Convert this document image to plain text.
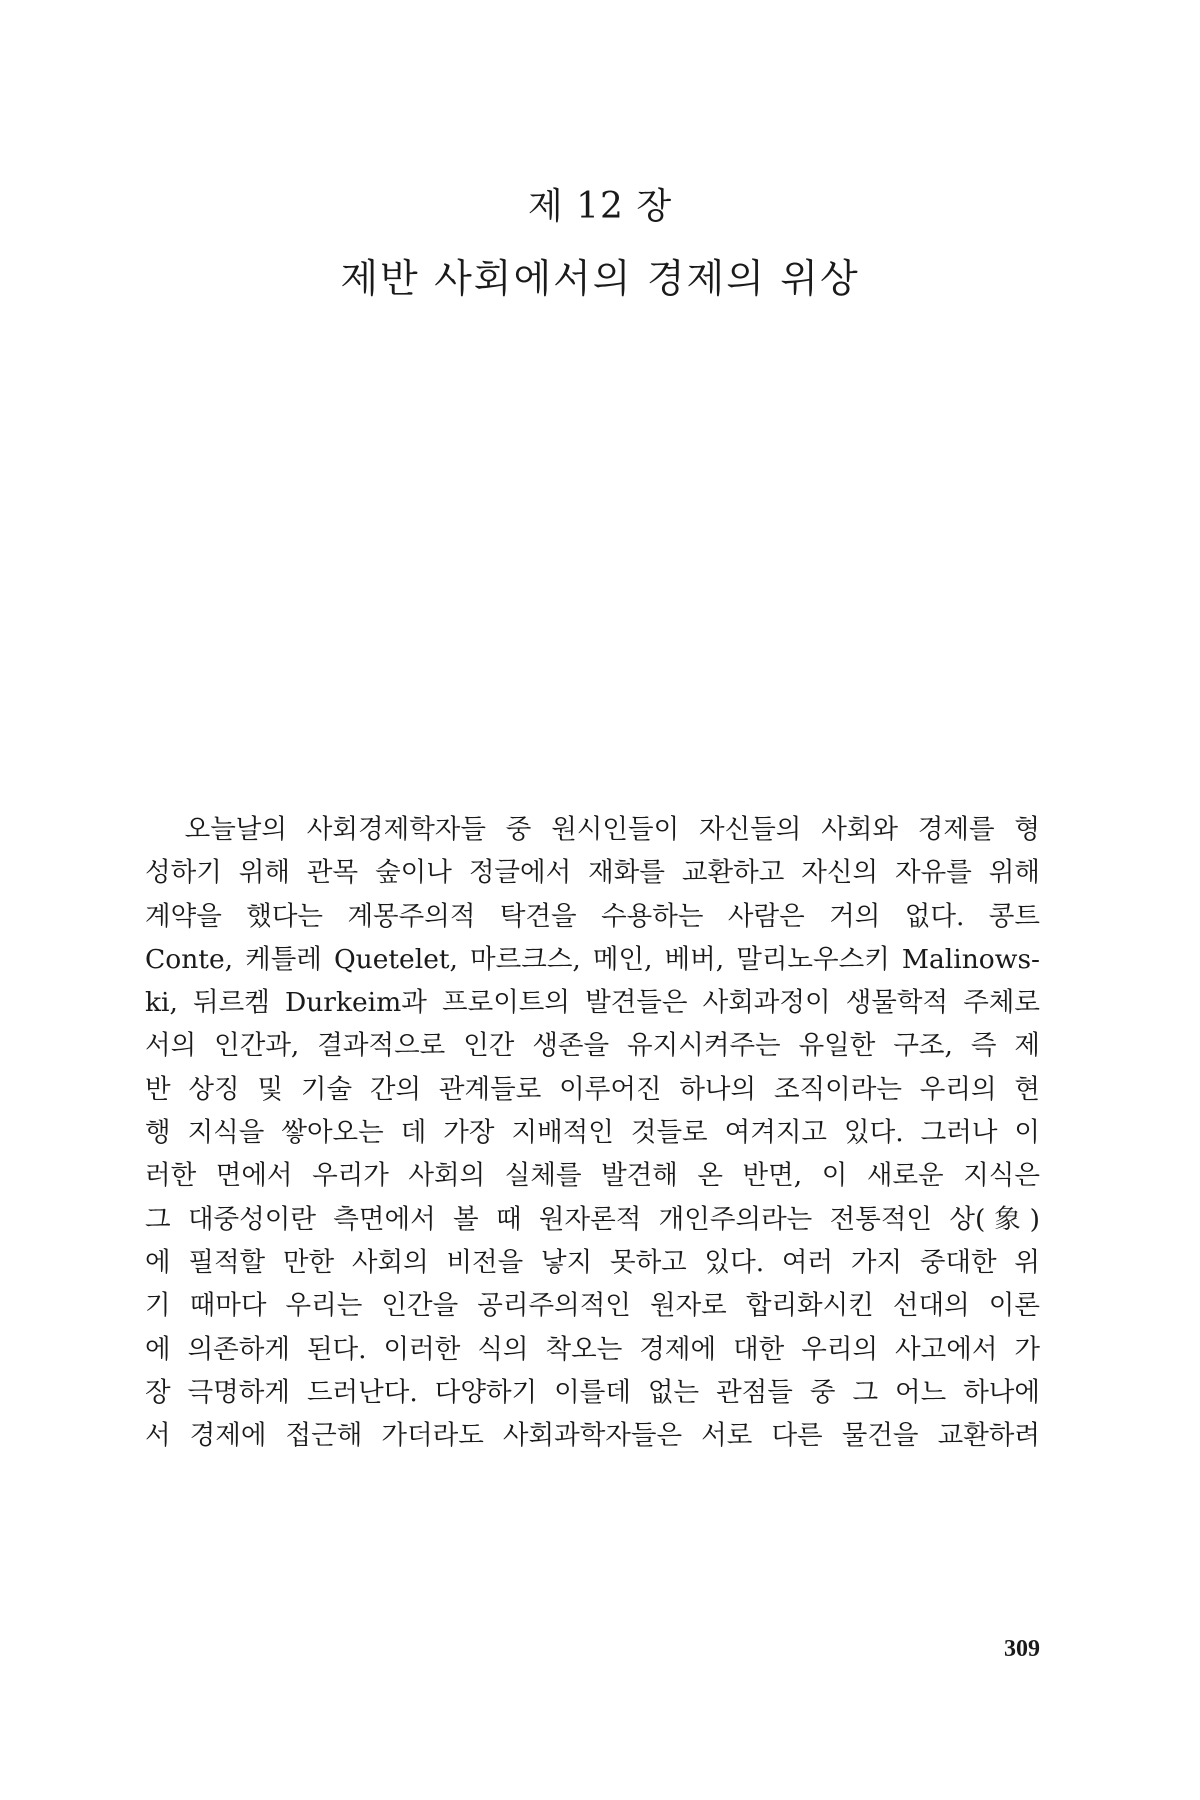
제 12 장
제반 사회에서의 경제의 위상
오늘날의 사회경제학자들 중 원시인들이 자신들의 사회와 경제를 형
성하기 위해 관목 숲이나 정글에서 재화를 교환하고 자신의 자유를 위해
계약을 했다는 계몽주의적 탁견을 수용하는 사람은 거의 없다. 콩트
Conte, 케틀레 Quetelet, 마르크스, 메인, 베버, 말리노우스키 Malinows-
ki, 뒤르켐 Durkeim과 프로이트의 발견들은 사회과정이 생물학적 주체로
서의 인간과, 결과적으로 인간 생존을 유지시켜주는 유일한 구조, 즉 제
반 상징 및 기술 간의 관계들로 이루어진 하나의 조직이라는 우리의 현
행 지식을 쌓아오는 데 가장 지배적인 것들로 여겨지고 있다. 그러나 이
러한 면에서 우리가 사회의 실체를 발견해 온 반면, 이 새로운 지식은
그 대중성이란 측면에서 볼 때 원자론적 개인주의라는 전통적인 상(象)
에 필적할 만한 사회의 비전을 낳지 못하고 있다. 여러 가지 중대한 위
기 때마다 우리는 인간을 공리주의적인 원자로 합리화시킨 선대의 이론
에 의존하게 된다. 이러한 식의 착오는 경제에 대한 우리의 사고에서 가
장 극명하게 드러난다. 다양하기 이를데 없는 관점들 중 그 어느 하나에
서 경제에 접근해 가더라도 사회과학자들은 서로 다른 물건을 교환하려
309
